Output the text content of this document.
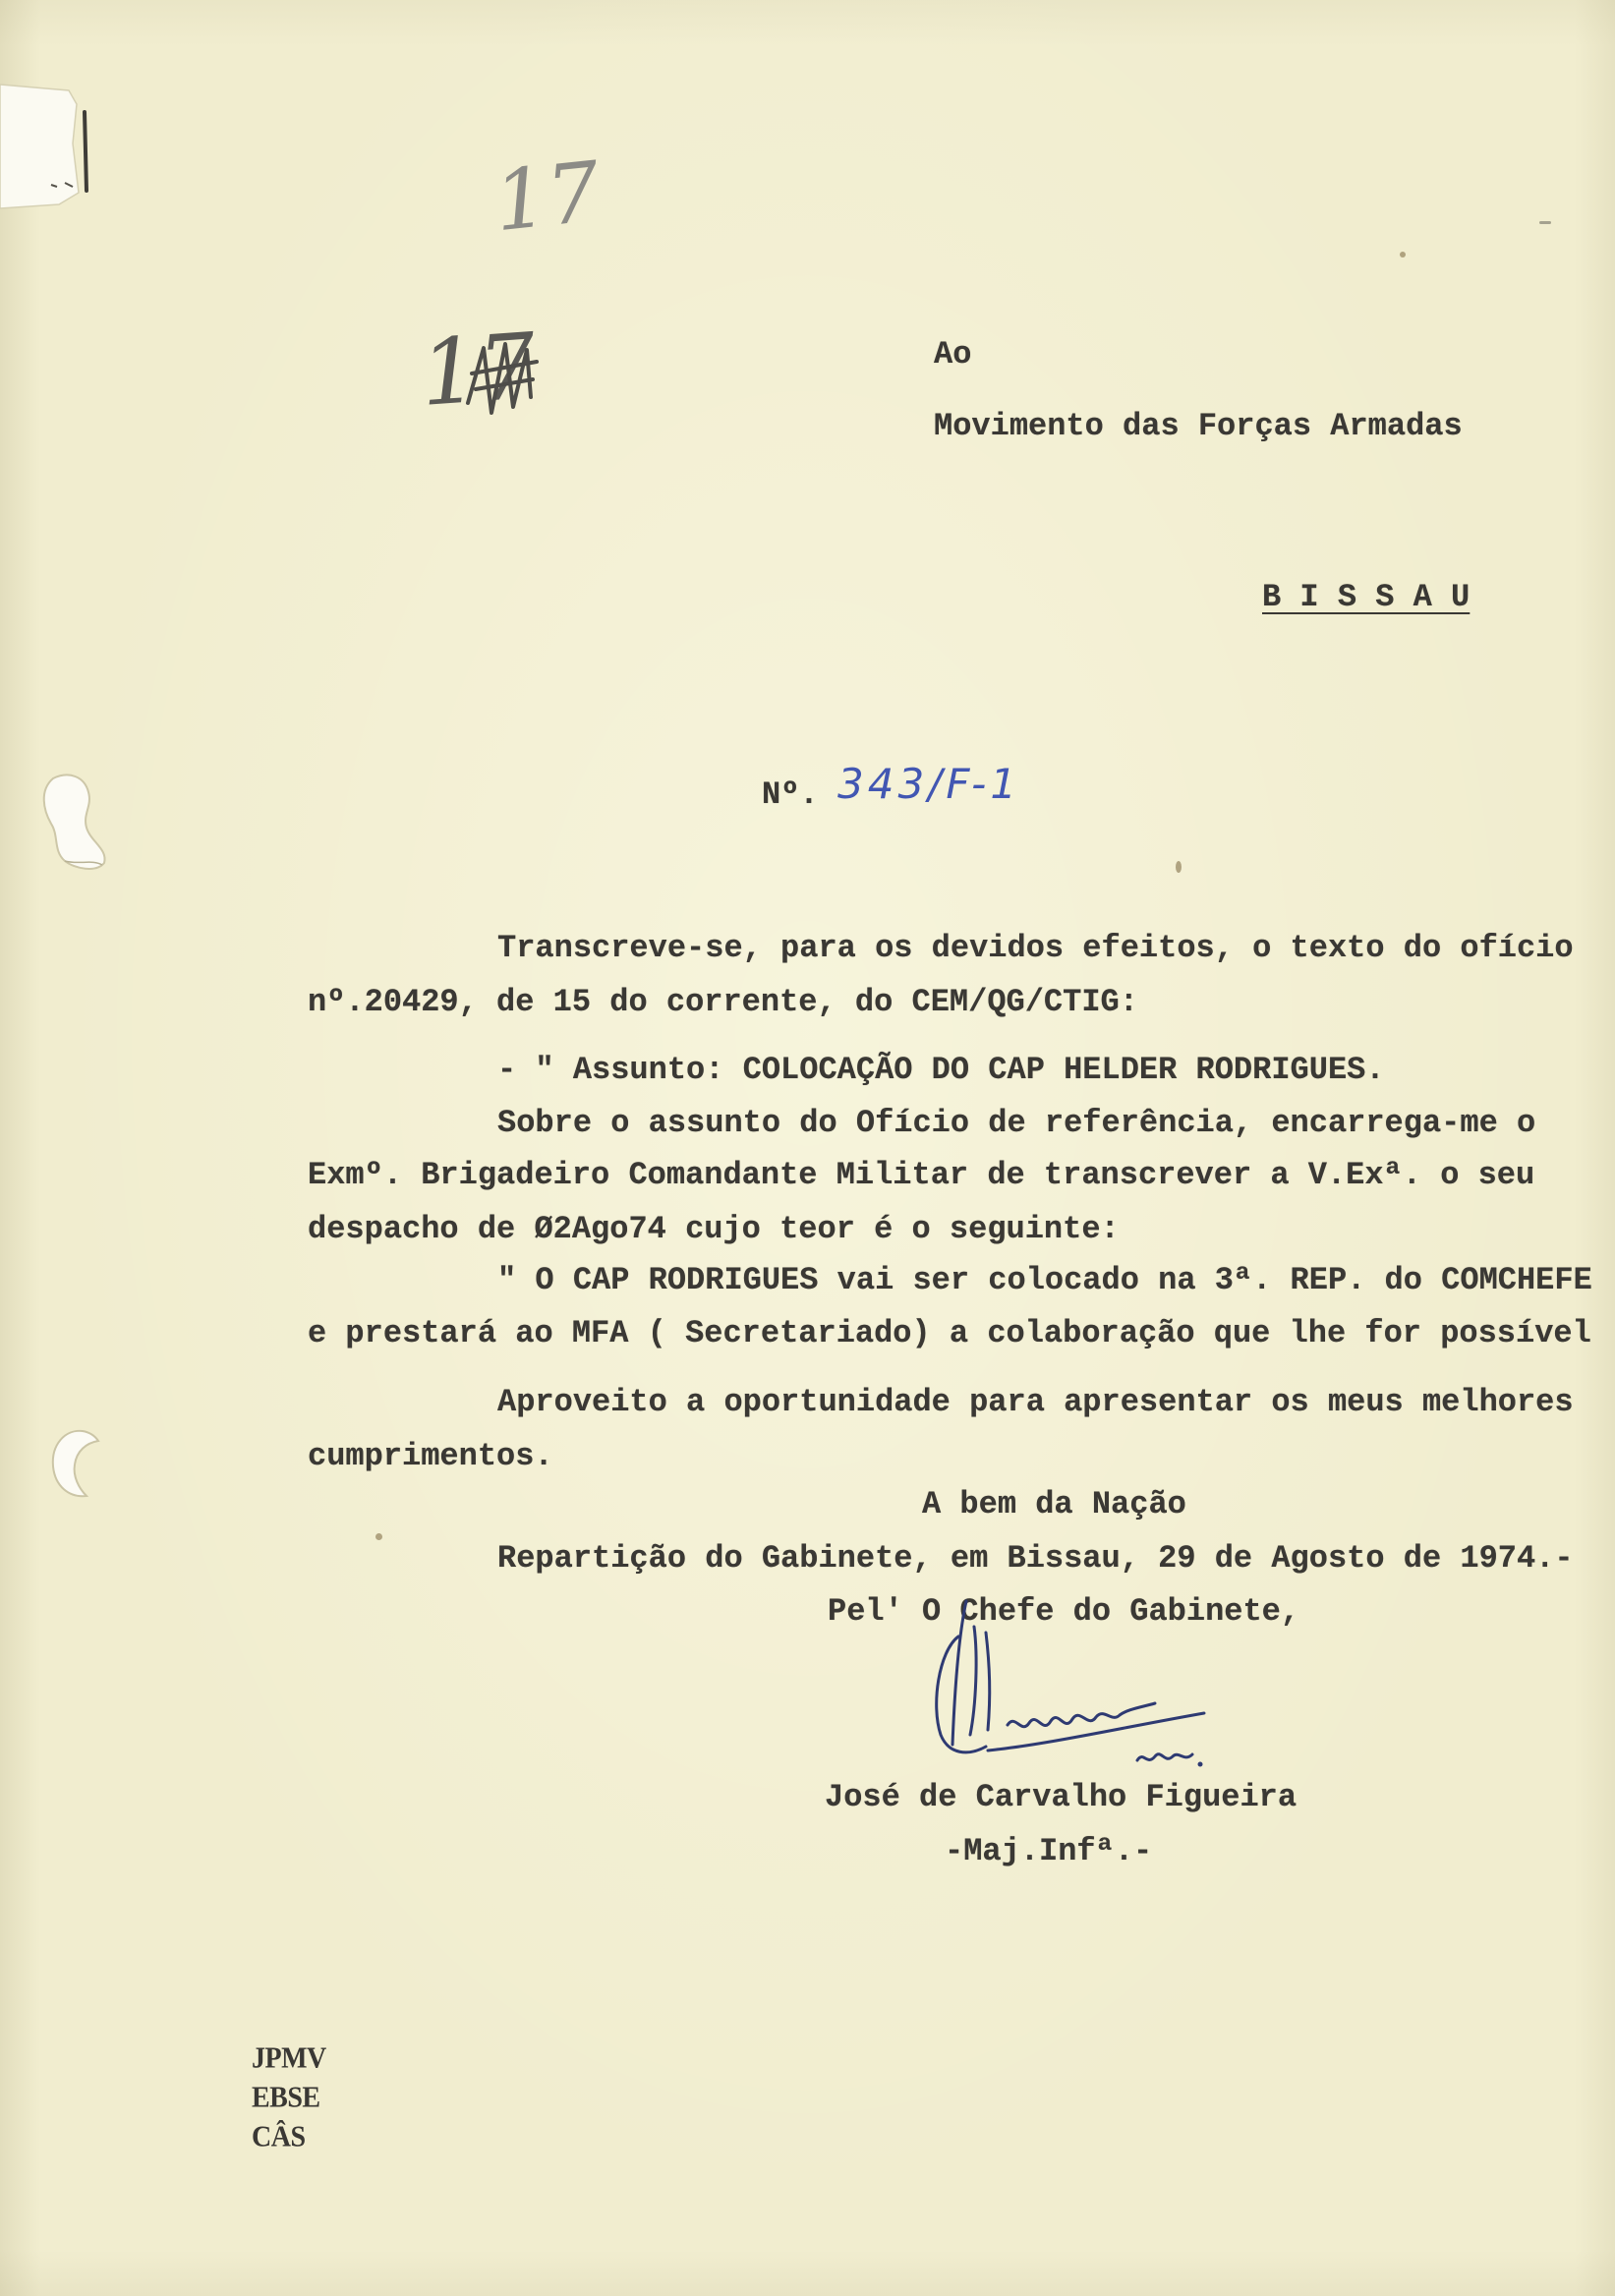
17
17	Ao
Movimento das Forças Armadas
B I S S A U
Nº. 343/F-1
Transcreve-se, para os devidos efeitos, o texto do ofício
nº.20429, de 15 do corrente, do CEM/QG/CTIG:
- " Assunto: COLOCAÇÃO DO CAP HELDER RODRIGUES.
Sobre o assunto do Ofício de referência, encarrega-me o
Exmº. Brigadeiro Comandante Militar de transcrever a V.Exª. o seu
despacho de Ø2Ago74 cujo teor é o seguinte:
" O CAP RODRIGUES vai ser colocado na 3ª. REP. do COMCHEFE
e prestará ao MFA ( Secretariado) a colaboração que lhe for possível
Aproveito a oportunidade para apresentar os meus melhores
cumprimentos.
A bem da Nação
Repartição do Gabinete, em Bissau, 29 de Agosto de 1974.-
Pel' O Chefe do Gabinete,
José de Carvalho Figueira
-Maj.Infª.-
JPMV
EBSE
CÂS
